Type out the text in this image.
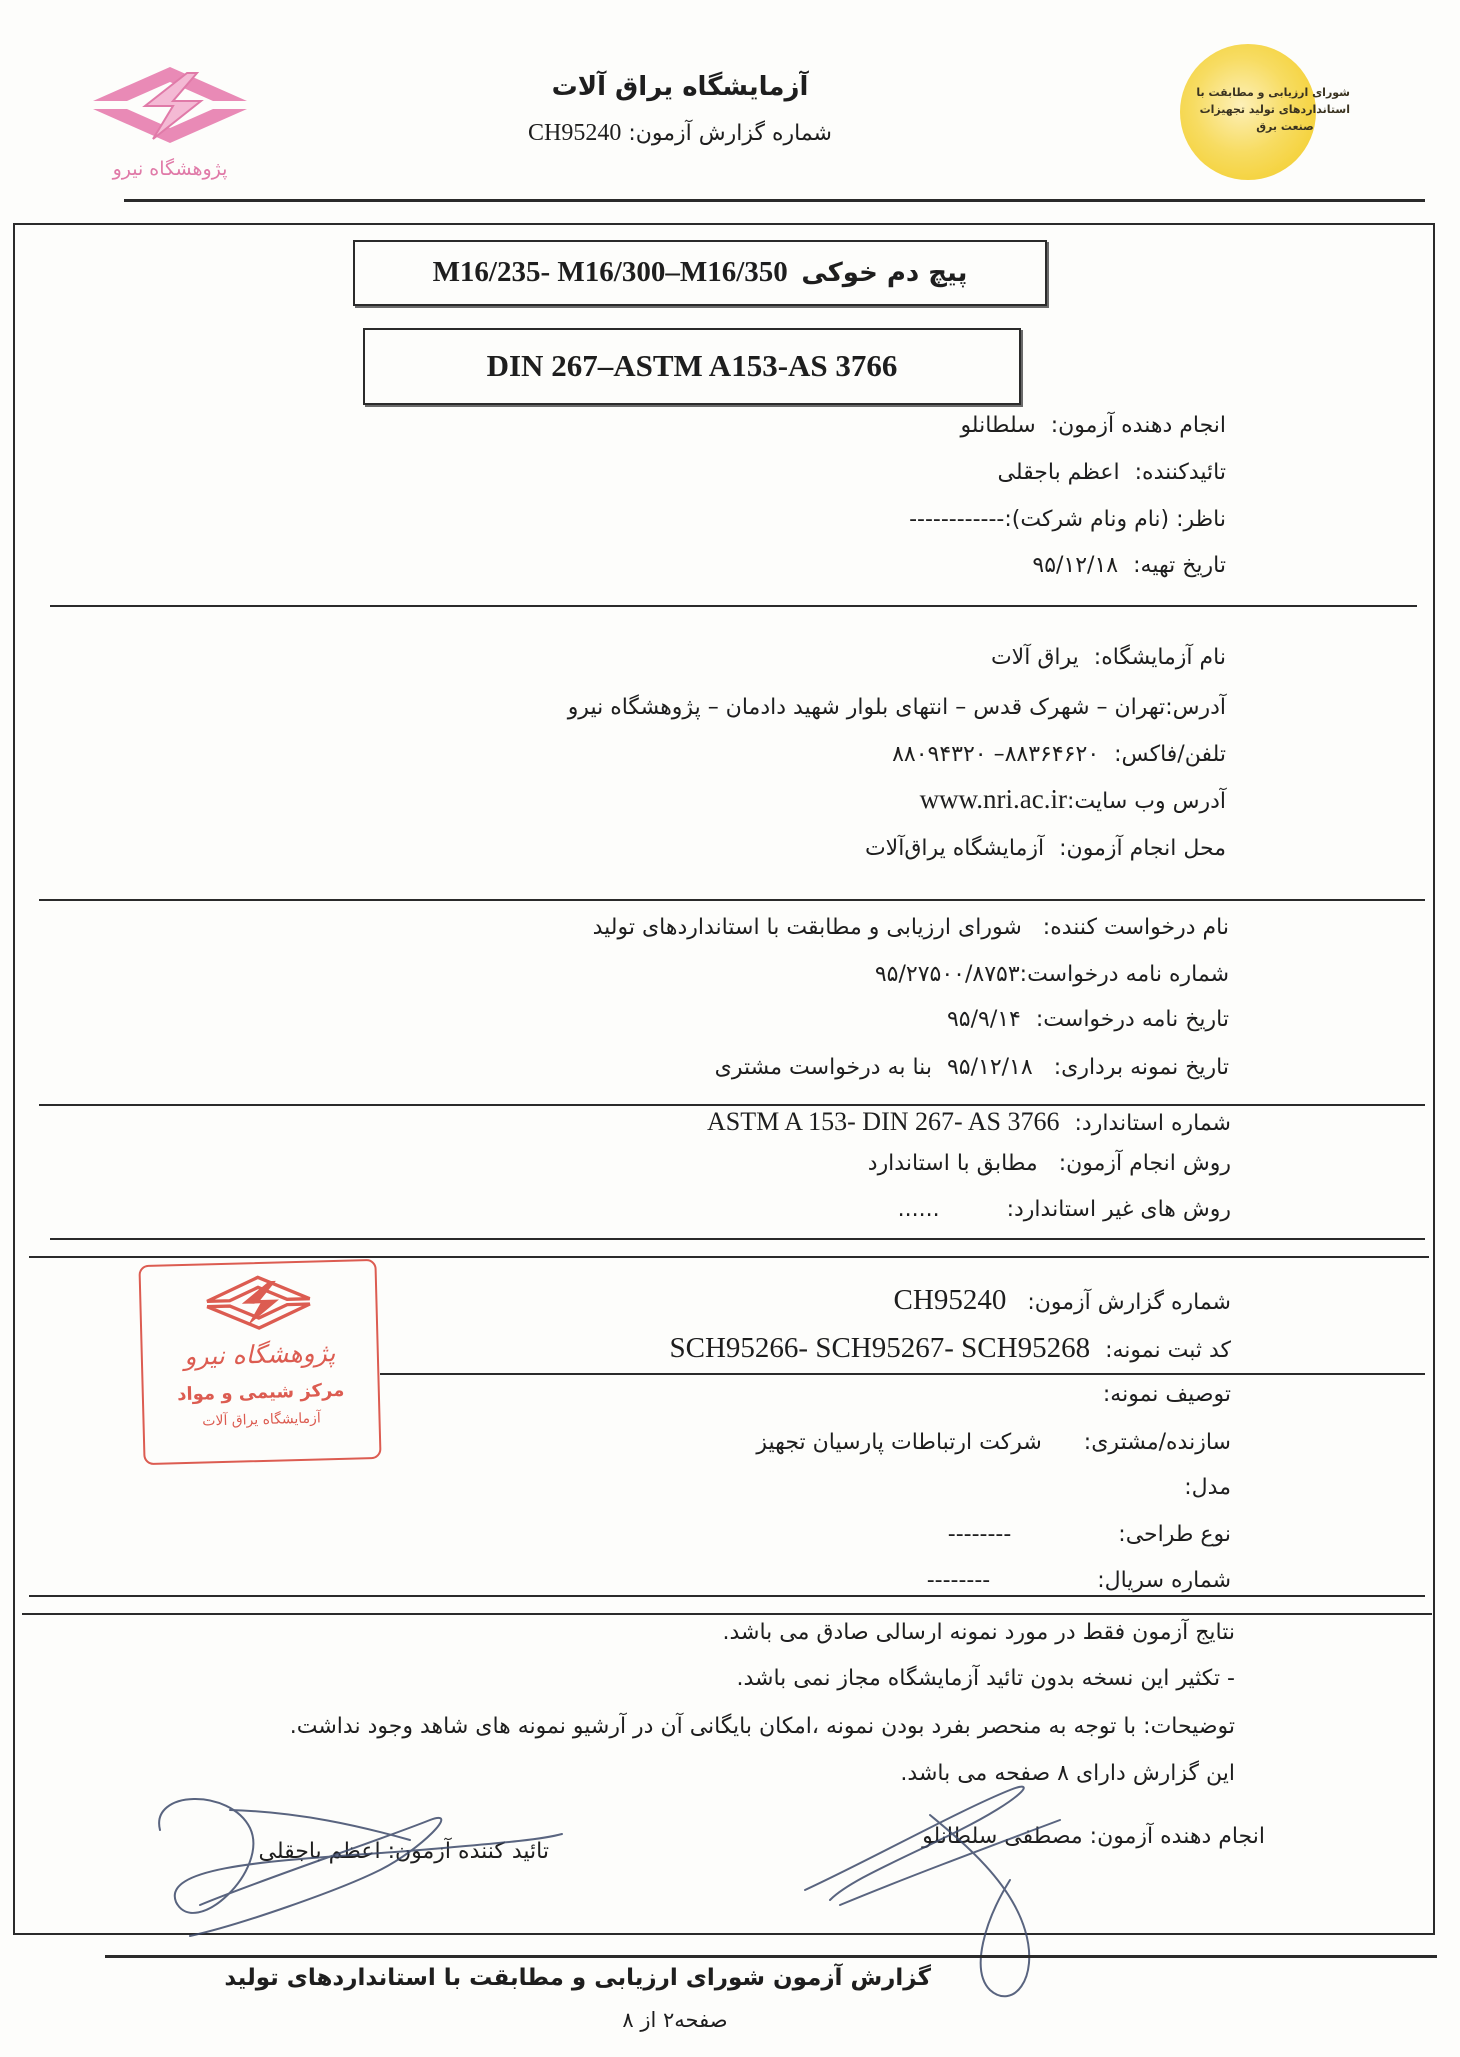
پژوهشگاه نیرو
آزمایشگاه یراق آلات
شماره گزارش آزمون: CH95240
شورای ارزیابی و مطابقت با
استانداردهای تولید تجهیزات
صنعت برق
پیچ دم خوکی M16/235- M16/300–M16/350
DIN 267–ASTM A153-AS 3766
انجام دهنده آزمون: سلطانلو
تائیدکننده: اعظم باجقلی
ناظر: (نام ونام شرکت):------------
تاریخ تهیه: ۹۵/۱۲/۱۸
نام آزمایشگاه: یراق آلات
آدرس:تهران – شهرک قدس – انتهای بلوار شهید دادمان – پژوهشگاه نیرو
تلفن/فاکس: ۸۸۳۶۴۶۲۰– ۸۸۰۹۴۳۲۰
آدرس وب سایت:www.nri.ac.ir
محل انجام آزمون: آزمایشگاه یراق‌آلات
نام درخواست کننده: شورای ارزیابی و مطابقت با استانداردهای تولید
شماره نامه درخواست:۹۵/۲۷۵۰۰/۸۷۵۳
تاریخ نامه درخواست: ۹۵/۹/۱۴
تاریخ نمونه برداری: ۹۵/۱۲/۱۸ بنا به درخواست مشتری
شماره استاندارد: ASTM A 153- DIN 267- AS 3766
روش انجام آزمون: مطابق با استاندارد
روش های غیر استاندارد: ......
پژوهشگاه نیرو
مرکز شیمی و مواد
آزمایشگاه یراق آلات
شماره گزارش آزمون: CH95240
کد ثبت نمونه: SCH95266- SCH95267- SCH95268
توصیف نمونه:
سازنده/مشتری: شرکت ارتباطات پارسیان تجهیز
مدل:
نوع طراحی: --------
شماره سریال: --------
نتایج آزمون فقط در مورد نمونه ارسالی صادق می باشد.
- تکثیر این نسخه بدون تائید آزمایشگاه مجاز نمی باشد.
توضیحات: با توجه به منحصر بفرد بودن نمونه ،امکان بایگانی آن در آرشیو نمونه های شاهد وجود نداشت.
این گزارش دارای ۸ صفحه می باشد.
انجام دهنده آزمون: مصطفی سلطانلو
تائید کننده آزمون: اعظم باجقلی
گزارش آزمون شورای ارزیابی و مطابقت با استانداردهای تولید
صفحه۲ از ۸
